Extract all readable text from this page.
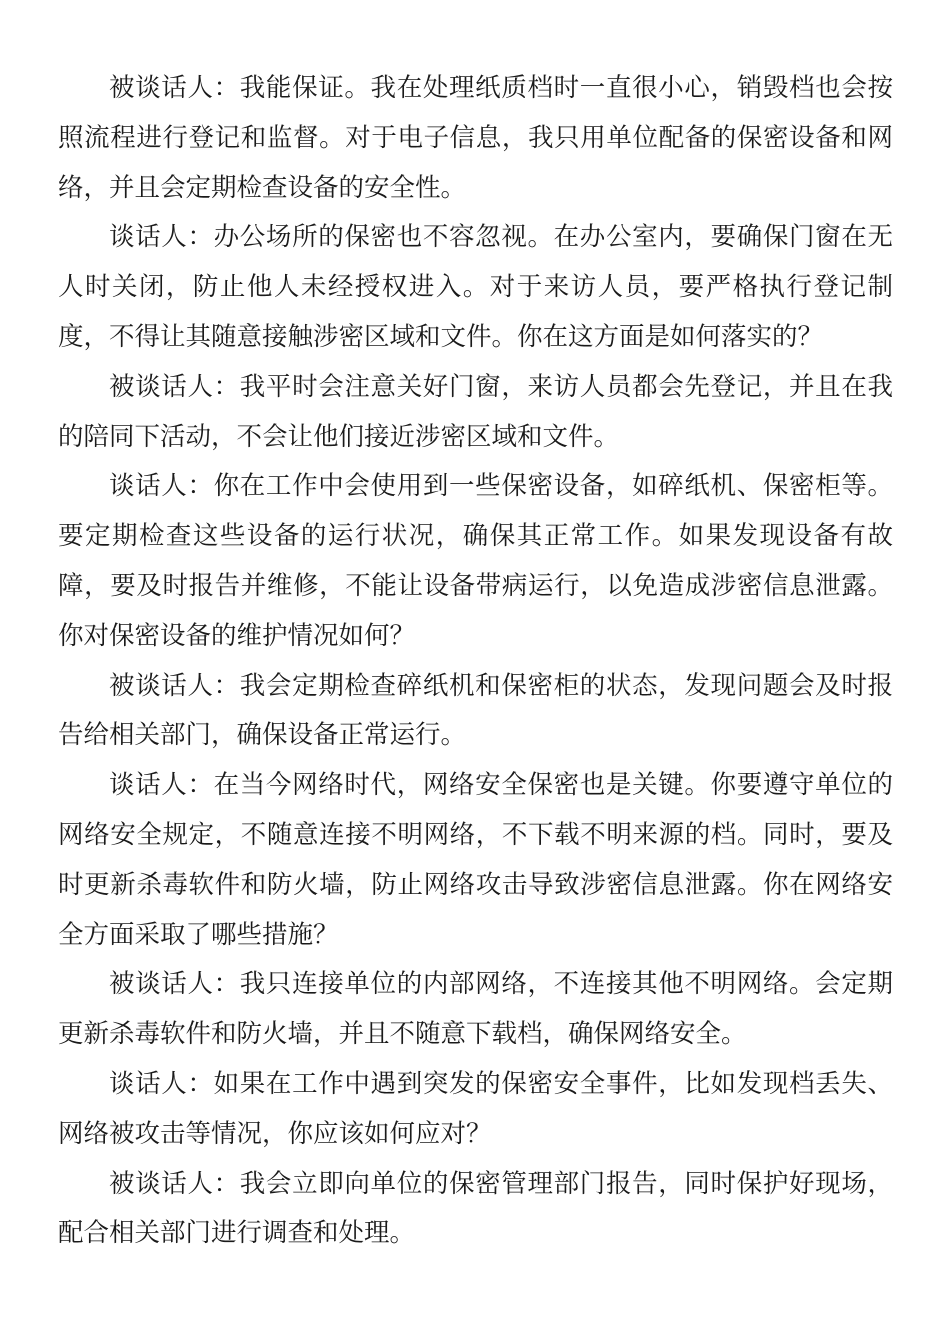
被谈话人：我能保证。我在处理纸质档时一直很小心，销毁档也会按照流程进行登记和监督。对于电子信息，我只用单位配备的保密设备和网络，并且会定期检查设备的安全性。

谈话人：办公场所的保密也不容忽视。在办公室内，要确保门窗在无人时关闭，防止他人未经授权进入。对于来访人员，要严格执行登记制度，不得让其随意接触涉密区域和文件。你在这方面是如何落实的？

被谈话人：我平时会注意关好门窗，来访人员都会先登记，并且在我的陪同下活动，不会让他们接近涉密区域和文件。

谈话人：你在工作中会使用到一些保密设备，如碎纸机、保密柜等。要定期检查这些设备的运行状况，确保其正常工作。如果发现设备有故障，要及时报告并维修，不能让设备带病运行，以免造成涉密信息泄露。你对保密设备的维护情况如何？

被谈话人：我会定期检查碎纸机和保密柜的状态，发现问题会及时报告给相关部门，确保设备正常运行。

谈话人：在当今网络时代，网络安全保密也是关键。你要遵守单位的网络安全规定，不随意连接不明网络，不下载不明来源的档。同时，要及时更新杀毒软件和防火墙，防止网络攻击导致涉密信息泄露。你在网络安全方面采取了哪些措施？

被谈话人：我只连接单位的内部网络，不连接其他不明网络。会定期更新杀毒软件和防火墙，并且不随意下载档，确保网络安全。

谈话人：如果在工作中遇到突发的保密安全事件，比如发现档丢失、网络被攻击等情况，你应该如何应对？

被谈话人：我会立即向单位的保密管理部门报告，同时保护好现场，配合相关部门进行调查和处理。
